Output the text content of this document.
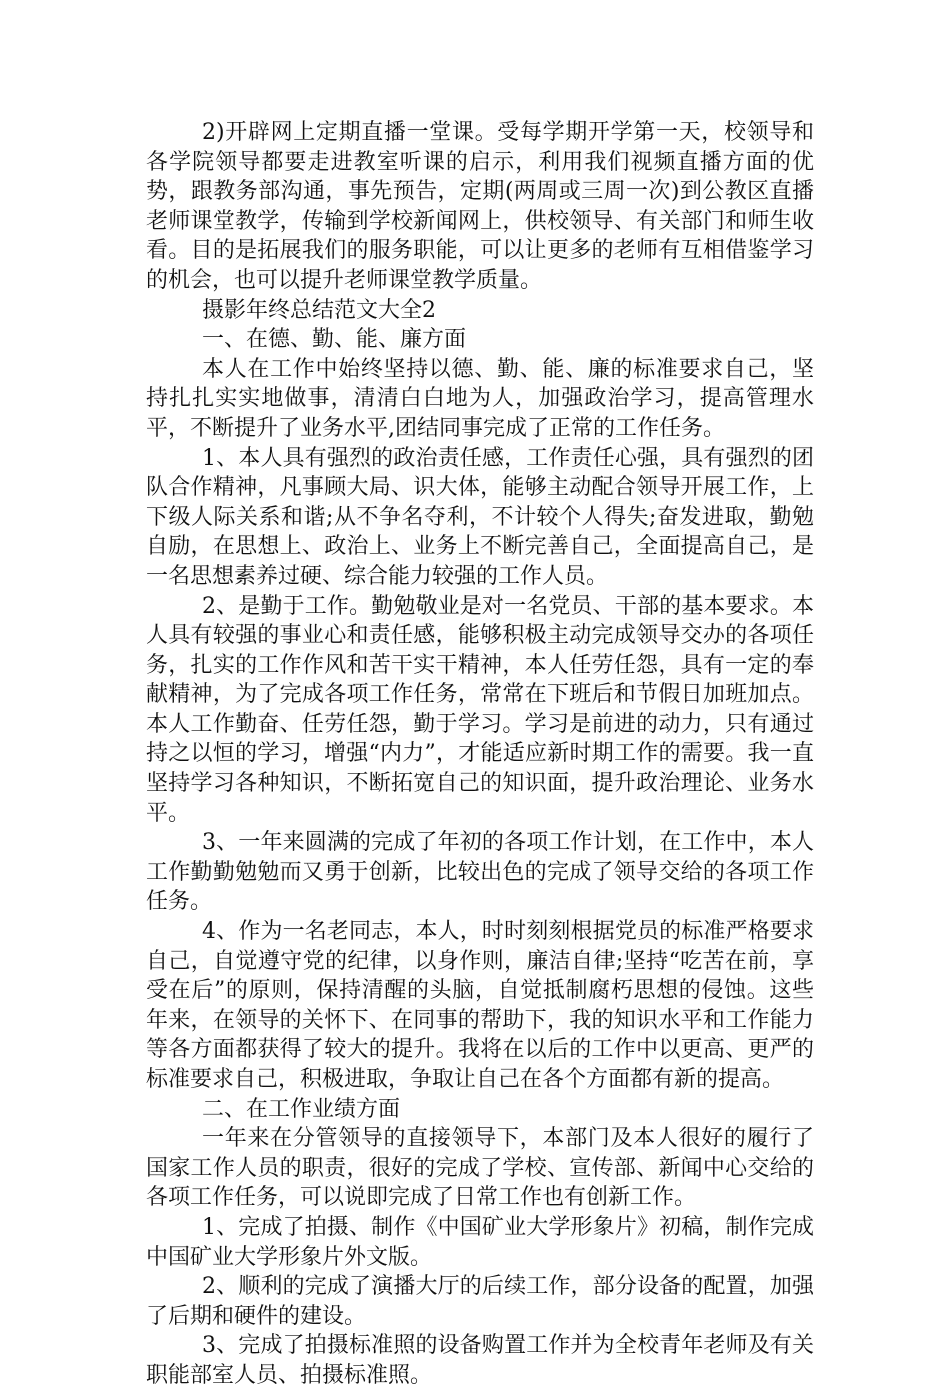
2)开辟网上定期直播一堂课。受每学期开学第一天，校领导和各学院领导都要走进教室听课的启示，利用我们视频直播方面的优势，跟教务部沟通，事先预告，定期(两周或三周一次)到公教区直播老师课堂教学，传输到学校新闻网上，供校领导、有关部门和师生收看。目的是拓展我们的服务职能，可以让更多的老师有互相借鉴学习的机会，也可以提升老师课堂教学质量。

摄影年终总结范文大全2

一、在德、勤、能、廉方面

本人在工作中始终坚持以德、勤、能、廉的标准要求自己，坚持扎扎实实地做事，清清白白地为人，加强政治学习，提高管理水平，不断提升了业务水平,团结同事完成了正常的工作任务。

1、本人具有强烈的政治责任感，工作责任心强，具有强烈的团队合作精神，凡事顾大局、识大体，能够主动配合领导开展工作，上下级人际关系和谐;从不争名夺利，不计较个人得失;奋发进取，勤勉自励，在思想上、政治上、业务上不断完善自己，全面提高自己，是一名思想素养过硬、综合能力较强的工作人员。

2、是勤于工作。勤勉敬业是对一名党员、干部的基本要求。本人具有较强的事业心和责任感，能够积极主动完成领导交办的各项任务，扎实的工作作风和苦干实干精神，本人任劳任怨，具有一定的奉献精神，为了完成各项工作任务，常常在下班后和节假日加班加点。本人工作勤奋、任劳任怨，勤于学习。学习是前进的动力，只有通过持之以恒的学习，增强“内力”，才能适应新时期工作的需要。我一直坚持学习各种知识，不断拓宽自己的知识面，提升政治理论、业务水平。

3、一年来圆满的完成了年初的各项工作计划，在工作中，本人工作勤勤勉勉而又勇于创新，比较出色的完成了领导交给的各项工作任务。

4、作为一名老同志，本人，时时刻刻根据党员的标准严格要求自己，自觉遵守党的纪律，以身作则，廉洁自律;坚持“吃苦在前，享受在后”的原则，保持清醒的头脑，自觉抵制腐朽思想的侵蚀。这些年来，在领导的关怀下、在同事的帮助下，我的知识水平和工作能力等各方面都获得了较大的提升。我将在以后的工作中以更高、更严的标准要求自己，积极进取，争取让自己在各个方面都有新的提高。

二、在工作业绩方面

一年来在分管领导的直接领导下，本部门及本人很好的履行了国家工作人员的职责，很好的完成了学校、宣传部、新闻中心交给的各项工作任务，可以说即完成了日常工作也有创新工作。

1、完成了拍摄、制作《中国矿业大学形象片》初稿，制作完成中国矿业大学形象片外文版。

2、顺利的完成了演播大厅的后续工作，部分设备的配置，加强了后期和硬件的建设。

3、完成了拍摄标准照的设备购置工作并为全校青年老师及有关职能部室人员、拍摄标准照。
